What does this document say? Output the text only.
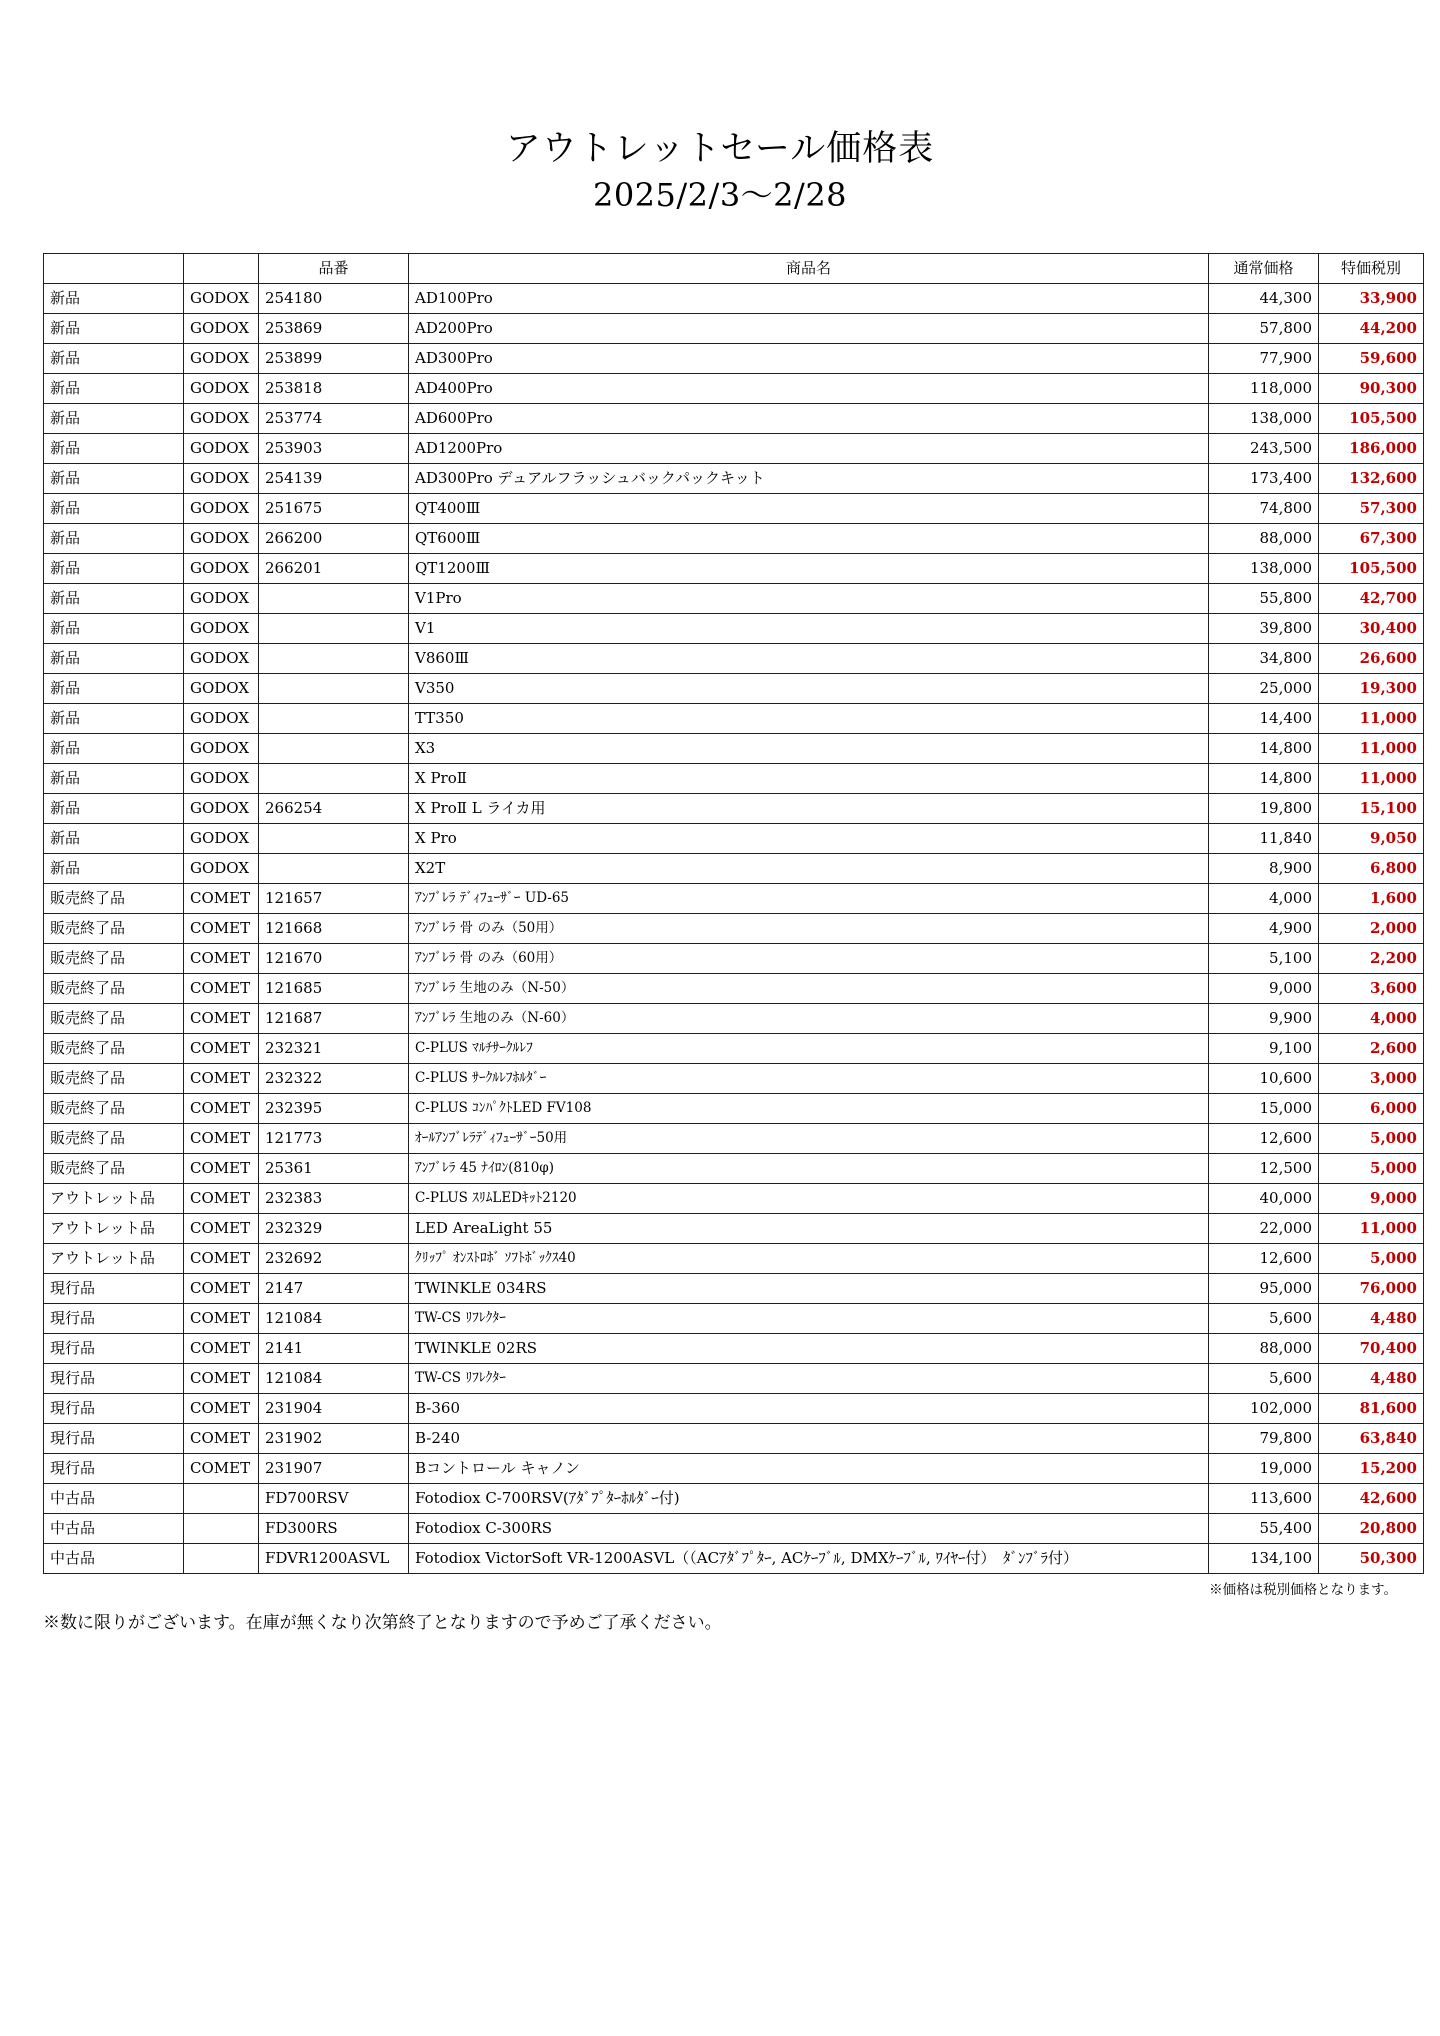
アウトレットセール価格表
2025/2/3〜2/28
		品番	商品名	通常価格	特価税別
新品	GODOX	254180	AD100Pro	44,300	33,900
新品	GODOX	253869	AD200Pro	57,800	44,200
新品	GODOX	253899	AD300Pro	77,900	59,600
新品	GODOX	253818	AD400Pro	118,000	90,300
新品	GODOX	253774	AD600Pro	138,000	105,500
新品	GODOX	253903	AD1200Pro	243,500	186,000
新品	GODOX	254139	AD300Pro デュアルフラッシュバックパックキット	173,400	132,600
新品	GODOX	251675	QT400Ⅲ	74,800	57,300
新品	GODOX	266200	QT600Ⅲ	88,000	67,300
新品	GODOX	266201	QT1200Ⅲ	138,000	105,500
新品	GODOX		V1Pro	55,800	42,700
新品	GODOX		V1	39,800	30,400
新品	GODOX		V860Ⅲ	34,800	26,600
新品	GODOX		V350	25,000	19,300
新品	GODOX		TT350	14,400	11,000
新品	GODOX		X3	14,800	11,000
新品	GODOX		X ProⅡ	14,800	11,000
新品	GODOX	266254	X ProⅡ L ライカ用	19,800	15,100
新品	GODOX		X Pro	11,840	9,050
新品	GODOX		X2T	8,900	6,800
販売終了品	COMET	121657	ｱﾝﾌﾞﾚﾗ ﾃﾞｨﾌｭｰｻﾞｰ UD-65	4,000	1,600
販売終了品	COMET	121668	ｱﾝﾌﾞﾚﾗ 骨 のみ（50用）	4,900	2,000
販売終了品	COMET	121670	ｱﾝﾌﾞﾚﾗ 骨 のみ（60用）	5,100	2,200
販売終了品	COMET	121685	ｱﾝﾌﾞﾚﾗ 生地のみ（N-50）	9,000	3,600
販売終了品	COMET	121687	ｱﾝﾌﾞﾚﾗ 生地のみ（N-60）	9,900	4,000
販売終了品	COMET	232321	C-PLUS ﾏﾙﾁｻｰｸﾙﾚﾌ	9,100	2,600
販売終了品	COMET	232322	C-PLUS ｻｰｸﾙﾚﾌﾎﾙﾀﾞｰ	10,600	3,000
販売終了品	COMET	232395	C-PLUS ｺﾝﾊﾟｸﾄLED FV108	15,000	6,000
販売終了品	COMET	121773	ｵｰﾙｱﾝﾌﾞﾚﾗﾃﾞｨﾌｭｰｻﾞｰ50用	12,600	5,000
販売終了品	COMET	25361	ｱﾝﾌﾞﾚﾗ 45 ﾅｲﾛﾝ(810φ)	12,500	5,000
アウトレット品	COMET	232383	C-PLUS ｽﾘﾑLEDｷｯﾄ2120	40,000	9,000
アウトレット品	COMET	232329	LED AreaLight 55	22,000	11,000
アウトレット品	COMET	232692	ｸﾘｯﾌﾟ ｵﾝｽﾄﾛﾎﾞ ｿﾌﾄﾎﾞｯｸｽ40	12,600	5,000
現行品	COMET	2147	TWINKLE 034RS	95,000	76,000
現行品	COMET	121084	TW-CS ﾘﾌﾚｸﾀｰ	5,600	4,480
現行品	COMET	2141	TWINKLE 02RS	88,000	70,400
現行品	COMET	121084	TW-CS ﾘﾌﾚｸﾀｰ	5,600	4,480
現行品	COMET	231904	B-360	102,000	81,600
現行品	COMET	231902	B-240	79,800	63,840
現行品	COMET	231907	Bコントロール キャノン	19,000	15,200
中古品		FD700RSV	Fotodiox C-700RSV(ｱﾀﾞﾌﾟﾀｰﾎﾙﾀﾞｰ付)	113,600	42,600
中古品		FD300RS	Fotodiox C-300RS	55,400	20,800
中古品		FDVR1200ASVL	Fotodiox VictorSoft VR-1200ASVL（（ACｱﾀﾞﾌﾟﾀｰ, ACｹｰﾌﾞﾙ, DMXｹｰﾌﾞﾙ, ﾜｲﾔｰ付）　ﾀﾞﾝﾌﾞﾗ付）	134,100	50,300
※価格は税別価格となります。
※数に限りがございます。在庫が無くなり次第終了となりますので予めご了承ください。
